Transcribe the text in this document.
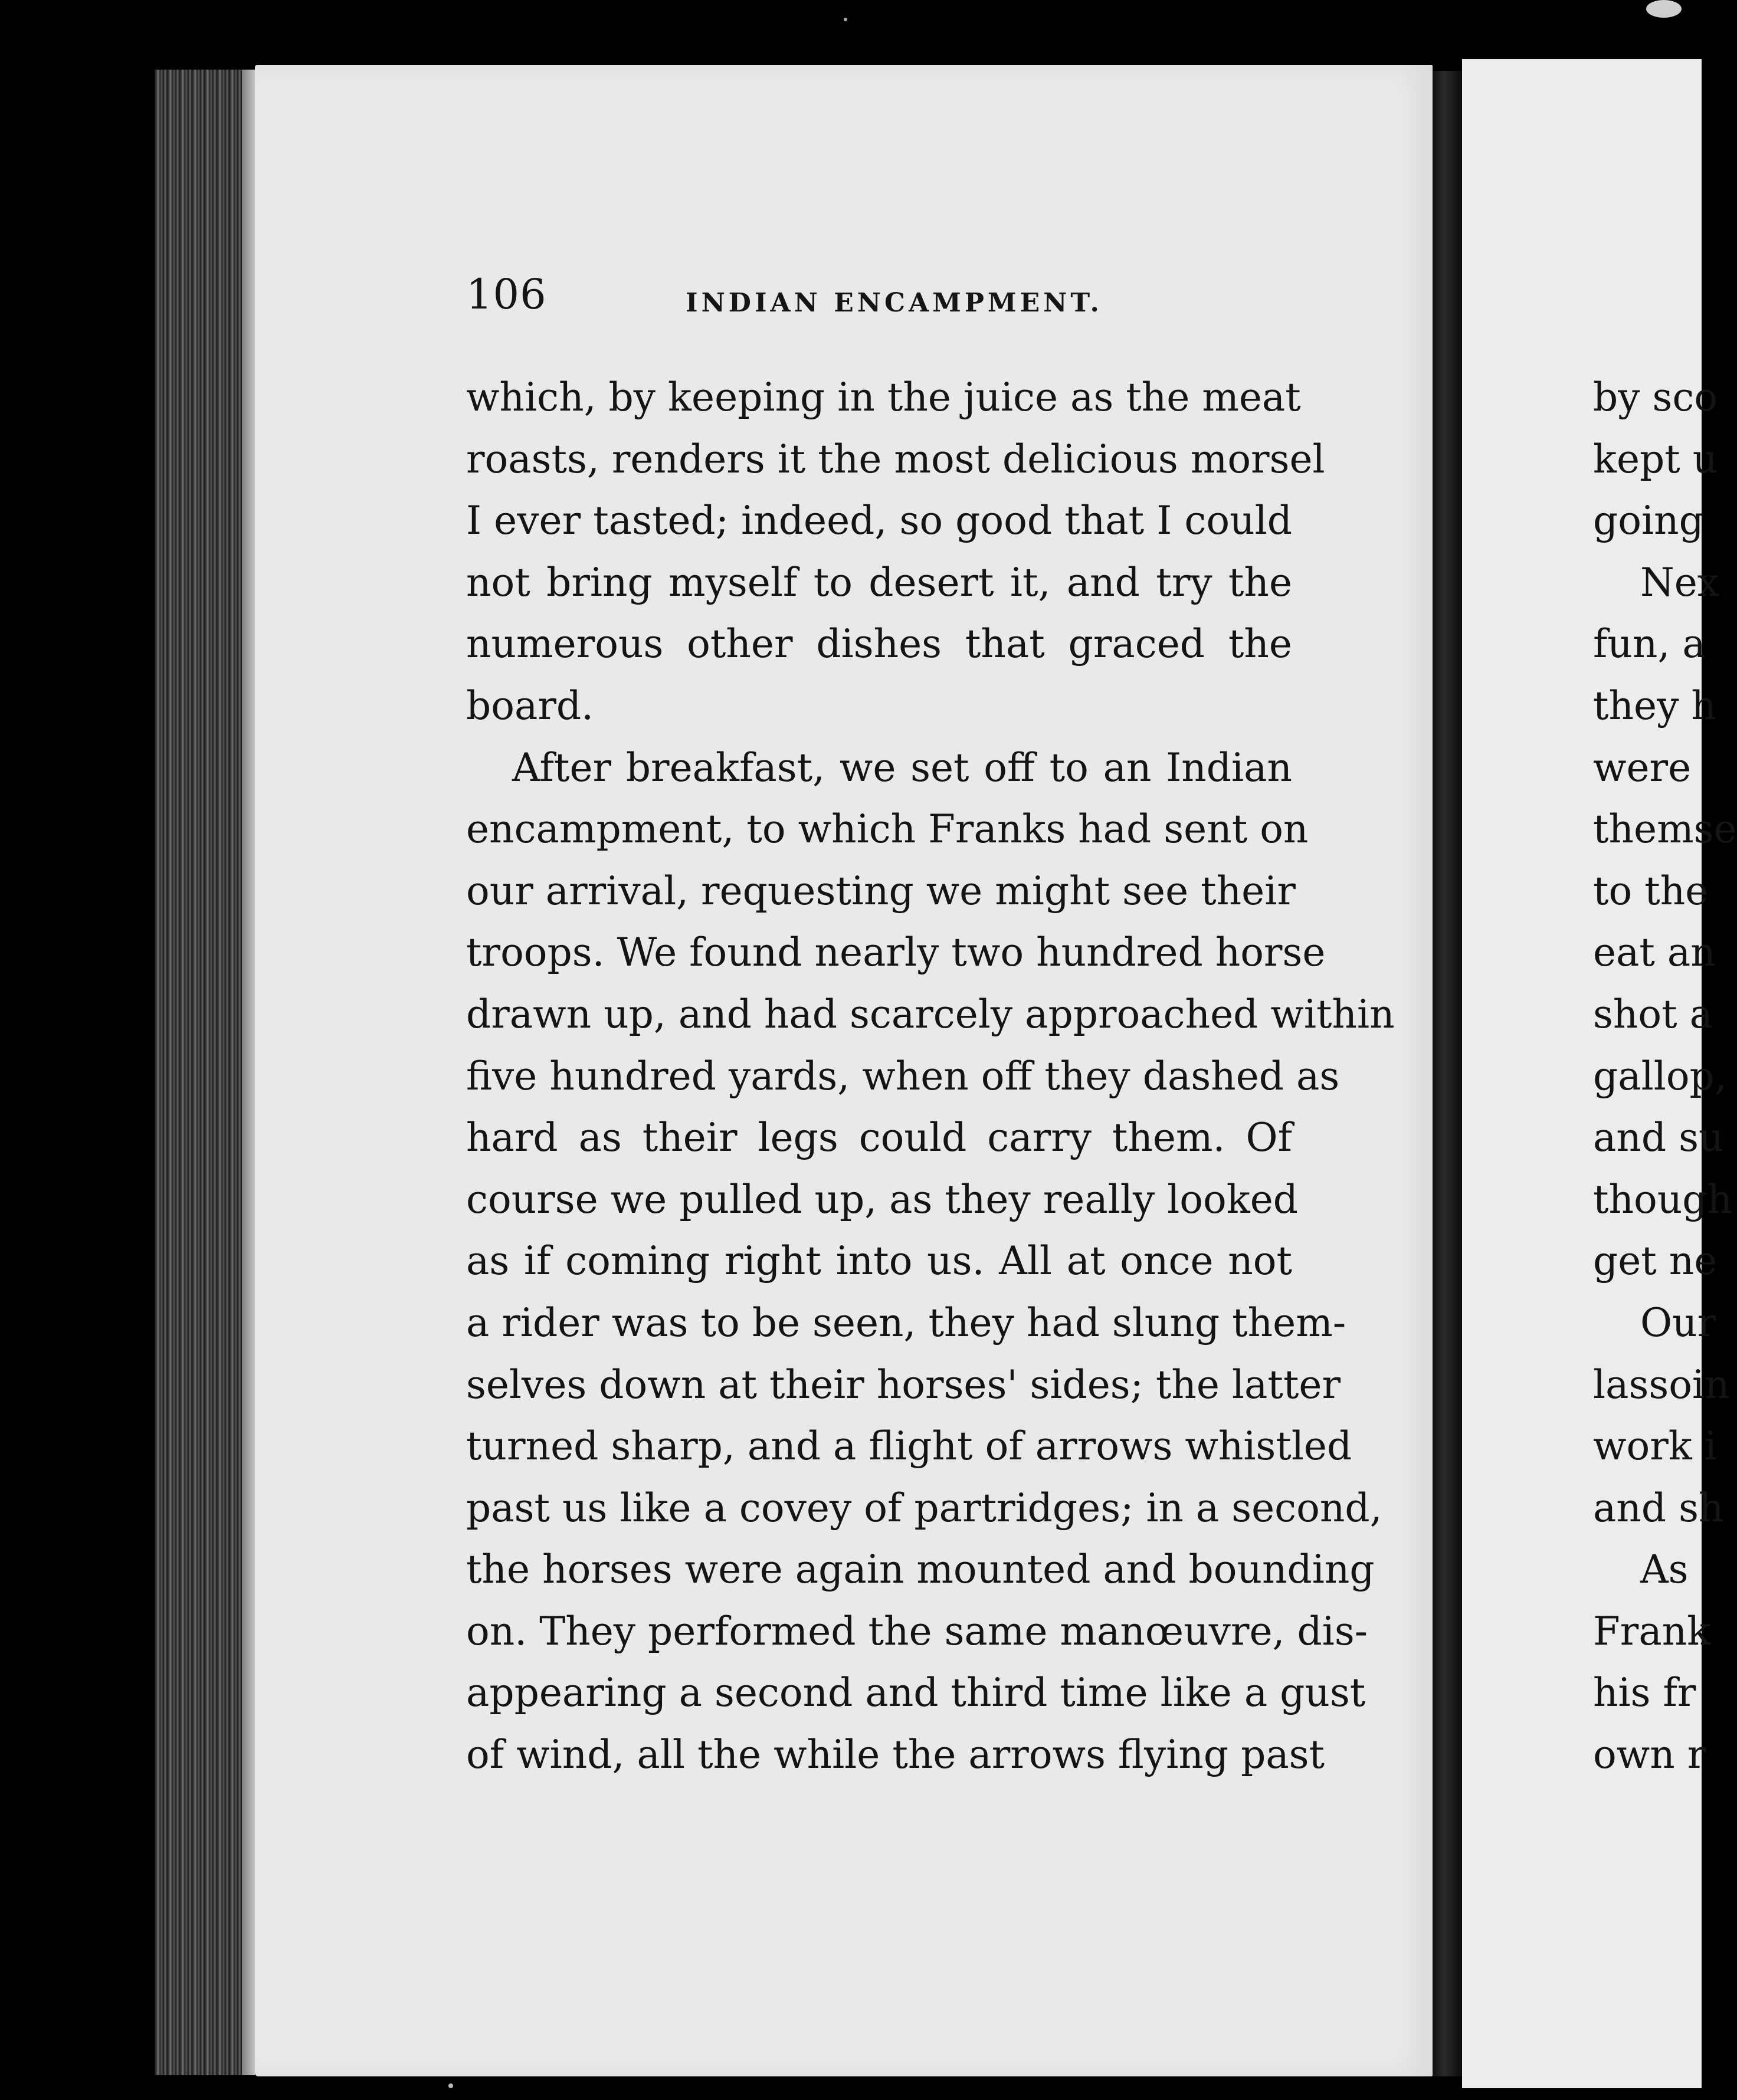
106	INDIAN ENCAMPMENT.
which, by keeping in the juice as the meat
roasts, renders it the most delicious morsel
I ever tasted; indeed, so good that I could
not bring myself to desert it, and try the
numerous other dishes that graced the
board.
After breakfast, we set off to an Indian
encampment, to which Franks had sent on
our arrival, requesting we might see their
troops. We found nearly two hundred horse
drawn up, and had scarcely approached within
five hundred yards, when off they dashed as
hard as their legs could carry them. Of
course we pulled up, as they really looked
as if coming right into us. All at once not
a rider was to be seen, they had slung them-
selves down at their horses' sides; the latter
turned sharp, and a flight of arrows whistled
past us like a covey of partridges; in a second,
the horses were again mounted and bounding
on. They performed the same manœuvre, dis-
appearing a second and third time like a gust
of wind, all the while the arrows flying past
by sco
kept u
going
Nex
fun, a
they h
were
themse
to the
eat an
shot a
gallop,
and su
though
get ne
Our
lassoin
work i
and sh
As
Frank
his fr
own r
